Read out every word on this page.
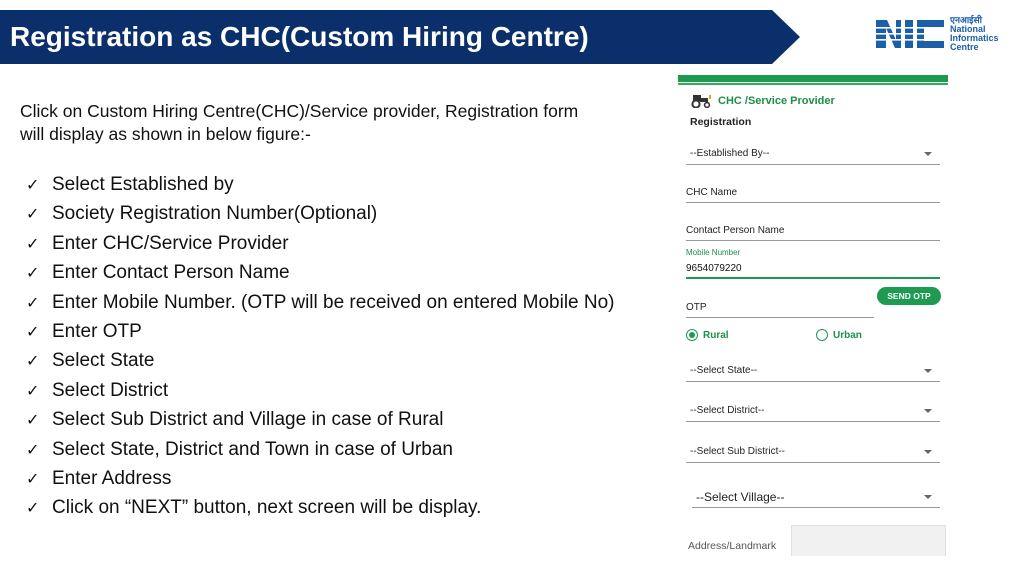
Registration as CHC(Custom Hiring Centre)
एनआईसी
National
Informatics
Centre
Click on Custom Hiring Centre(CHC)/Service provider, Registration form will display as shown in below figure:-
✓ Select Established by
✓ Society Registration Number(Optional)
✓ Enter CHC/Service Provider
✓ Enter Contact Person Name
✓ Enter Mobile Number. (OTP will be received on entered Mobile No)
✓ Enter OTP
✓ Select State
✓ Select District
✓ Select Sub District and Village in case of Rural
✓ Select State, District and Town in case of Urban
✓ Enter Address
✓ Click on “NEXT” button, next screen will be display.
CHC /Service Provider
Registration
--Established By--
CHC Name
Contact Person Name
Mobile Number
9654079220
OTP
SEND OTP
Rural	Urban
--Select State--
--Select District--
--Select Sub District--
--Select Village--
Address/Landmark
